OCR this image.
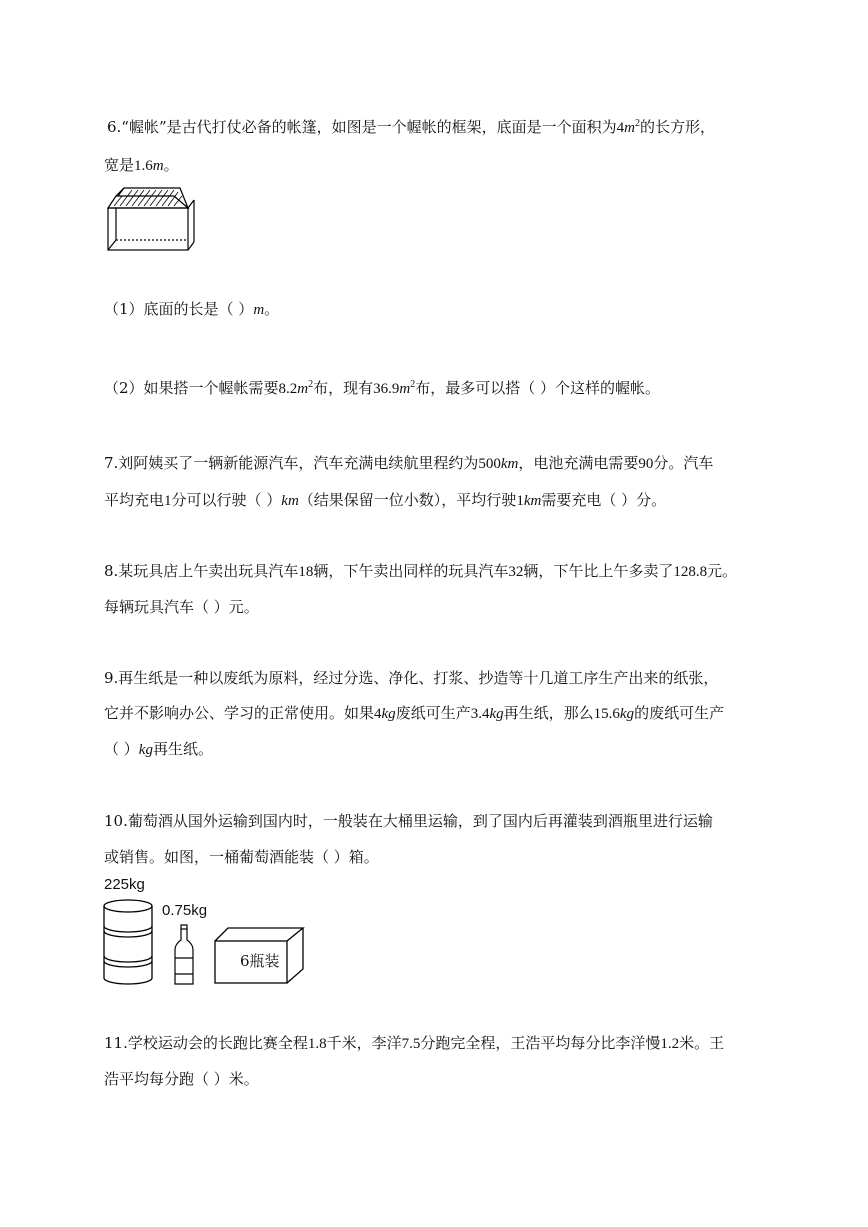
6.“幄帐”是古代打仗必备的帐篷，如图是一个幄帐的框架，底面是一个面积为$4m^2$的长方形，
宽是1.6m。
（1）底面的长是（ ）m。
（2）如果搭一个幄帐需要$8.2m^2$布，现有$36.9m^2$布，最多可以搭（ ）个这样的幄帐。
7.刘阿姨买了一辆新能源汽车，汽车充满电续航里程约为500km，电池充满电需要90分。汽车
平均充电1分可以行驶（ ）km（结果保留一位小数），平均行驶1km需要充电（ ）分。
8.某玩具店上午卖出玩具汽车18辆，下午卖出同样的玩具汽车32辆，下午比上午多卖了128.8元。
每辆玩具汽车（ ）元。
9.再生纸是一种以废纸为原料，经过分选、净化、打浆、抄造等十几道工序生产出来的纸张，
它并不影响办公、学习的正常使用。如果4kg废纸可生产3.4kg再生纸，那么15.6kg的废纸可生产
（ ）kg再生纸。
10.葡萄酒从国外运输到国内时，一般装在大桶里运输，到了国内后再灌装到酒瓶里进行运输
或销售。如图，一桶葡萄酒能装（ ）箱。
225kg
0.75kg
6瓶装
11.学校运动会的长跑比赛全程1.8千米，李洋7.5分跑完全程，王浩平均每分比李洋慢1.2米。王
浩平均每分跑（ ）米。
